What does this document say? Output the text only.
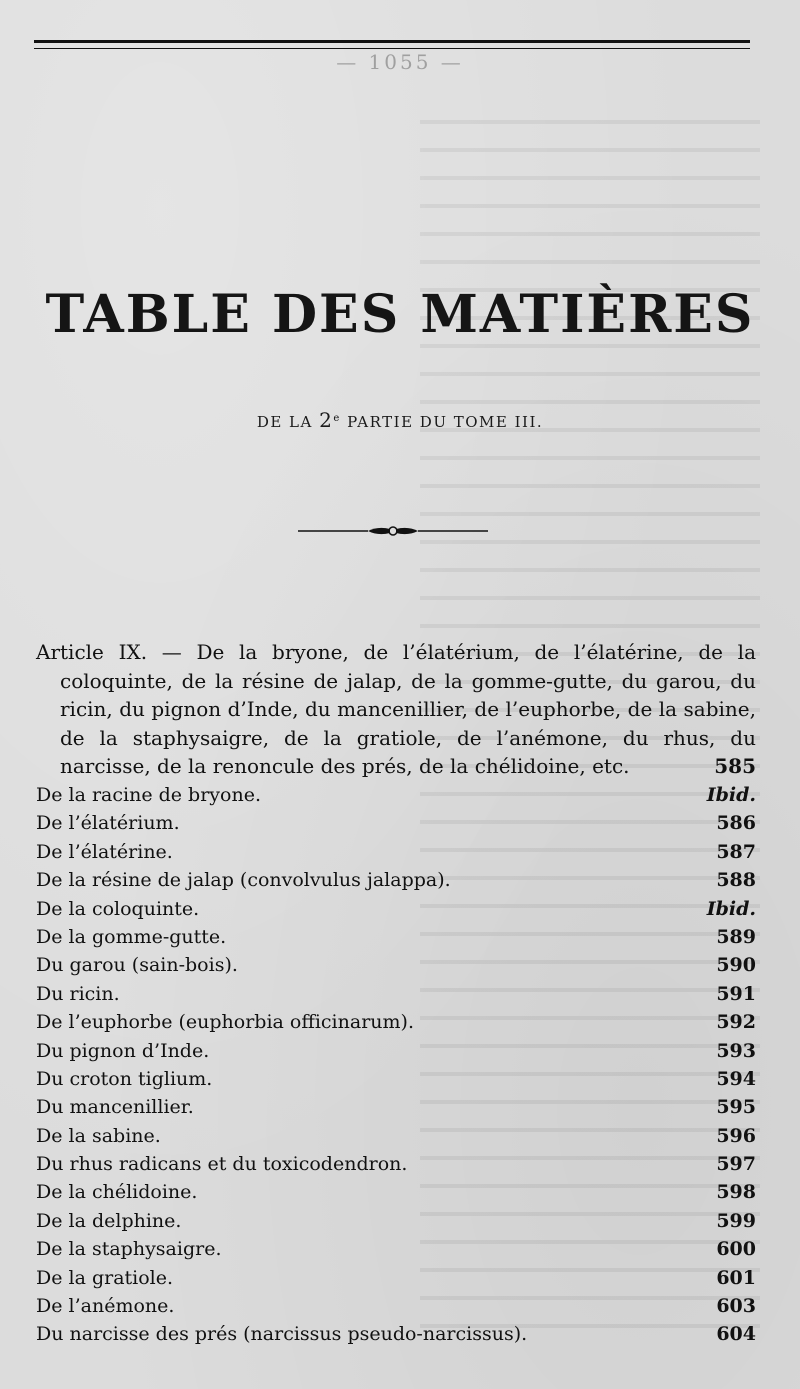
— 1055 —
TABLE DES MATIÈRES
DE LA 2e PARTIE DU TOME III.
Article IX. — De la bryone, de l’élatérium, de l’élatérine, de la coloquinte, de la résine de jalap, de la gomme-gutte, du garou, du ricin, du pignon d’Inde, du mancenillier, de l’euphorbe, de la sabine, de la staphysaigre, de la gratiole, de l’anémone, du rhus, du narcisse, de la renoncule des prés, de la chélidoine, etc.	585
De la racine de bryone.	Ibid.
De l’élatérium.	586
De l’élatérine.	587
De la résine de jalap (convolvulus jalappa).	588
De la coloquinte.	Ibid.
De la gomme-gutte.	589
Du garou (sain-bois).	590
Du ricin.	591
De l’euphorbe (euphorbia officinarum).	592
Du pignon d’Inde.	593
Du croton tiglium.	594
Du mancenillier.	595
De la sabine.	596
Du rhus radicans et du toxicodendron.	597
De la chélidoine.	598
De la delphine.	599
De la staphysaigre.	600
De la gratiole.	601
De l’anémone.	603
Du narcisse des prés (narcissus pseudo-narcissus).	604
